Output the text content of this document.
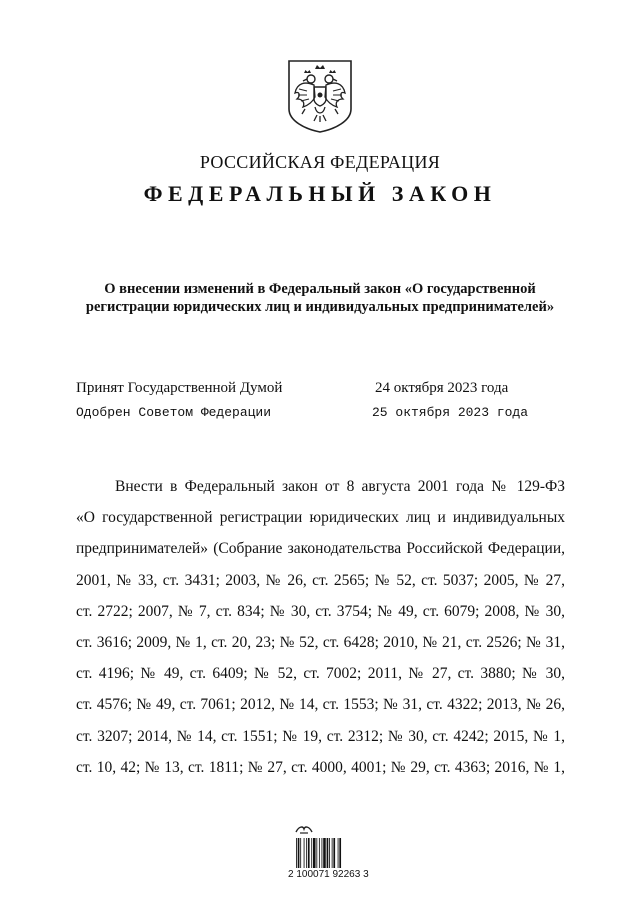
РОССИЙСКАЯ ФЕДЕРАЦИЯ
ФЕДЕРАЛЬНЫЙ ЗАКОН
О внесении изменений в Федеральный закон «О государственной
регистрации юридических лиц и индивидуальных предпринимателей»
Принят Государственной Думой	24 октября 2023 года
Одобрен Советом Федерации	25 октября 2023 года
Внести в Федеральный закон от 8 августа 2001 года № 129-ФЗ
«О государственной регистрации юридических лиц и индивидуальных
предпринимателей» (Собрание законодательства Российской Федерации,
2001, № 33, ст. 3431; 2003, № 26, ст. 2565; № 52, ст. 5037; 2005, № 27,
ст. 2722; 2007, № 7, ст. 834; № 30, ст. 3754; № 49, ст. 6079; 2008, № 30,
ст. 3616; 2009, № 1, ст. 20, 23; № 52, ст. 6428; 2010, № 21, ст. 2526; № 31,
ст. 4196; № 49, ст. 6409; № 52, ст. 7002; 2011, № 27, ст. 3880; № 30,
ст. 4576; № 49, ст. 7061; 2012, № 14, ст. 1553; № 31, ст. 4322; 2013, № 26,
ст. 3207; 2014, № 14, ст. 1551; № 19, ст. 2312; № 30, ст. 4242; 2015, № 1,
ст. 10, 42; № 13, ст. 1811; № 27, ст. 4000, 4001; № 29, ст. 4363; 2016, № 1,
2 100071 92263 3
